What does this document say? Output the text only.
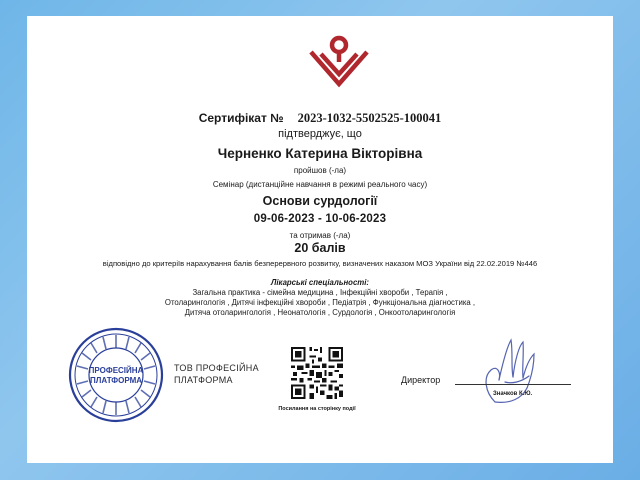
Сертифікат № 2023-1032-5502525-100041
підтверджує, що
Черненко Катерина Вікторівна
пройшов (-ла)
Семінар (дистанційне навчання в режимі реального часу)
Основи сурдології
09-06-2023 - 10-06-2023
та отримав (-ла)
20 балів
відповідно до критеріїв нарахування балів безперервного розвитку, визначених наказом МОЗ України від 22.02.2019 №446
Лікарські спеціальності:
Загальна практика - сімейна медицина , Інфекційні хвороби , Терапія ,
Отоларингологія , Дитячі інфекційні хвороби , Педіатрія , Функціональна діагностика ,
Дитяча отоларингологія , Неонатологія , Сурдологія , Онкоотоларингологія
ПРОФЕСІЙНА
ПЛАТФОРМА
ТОВ ПРОФЕСІЙНА
ПЛАТФОРМА
Посилання на сторінку події
Директор
Значков К.Ю.
